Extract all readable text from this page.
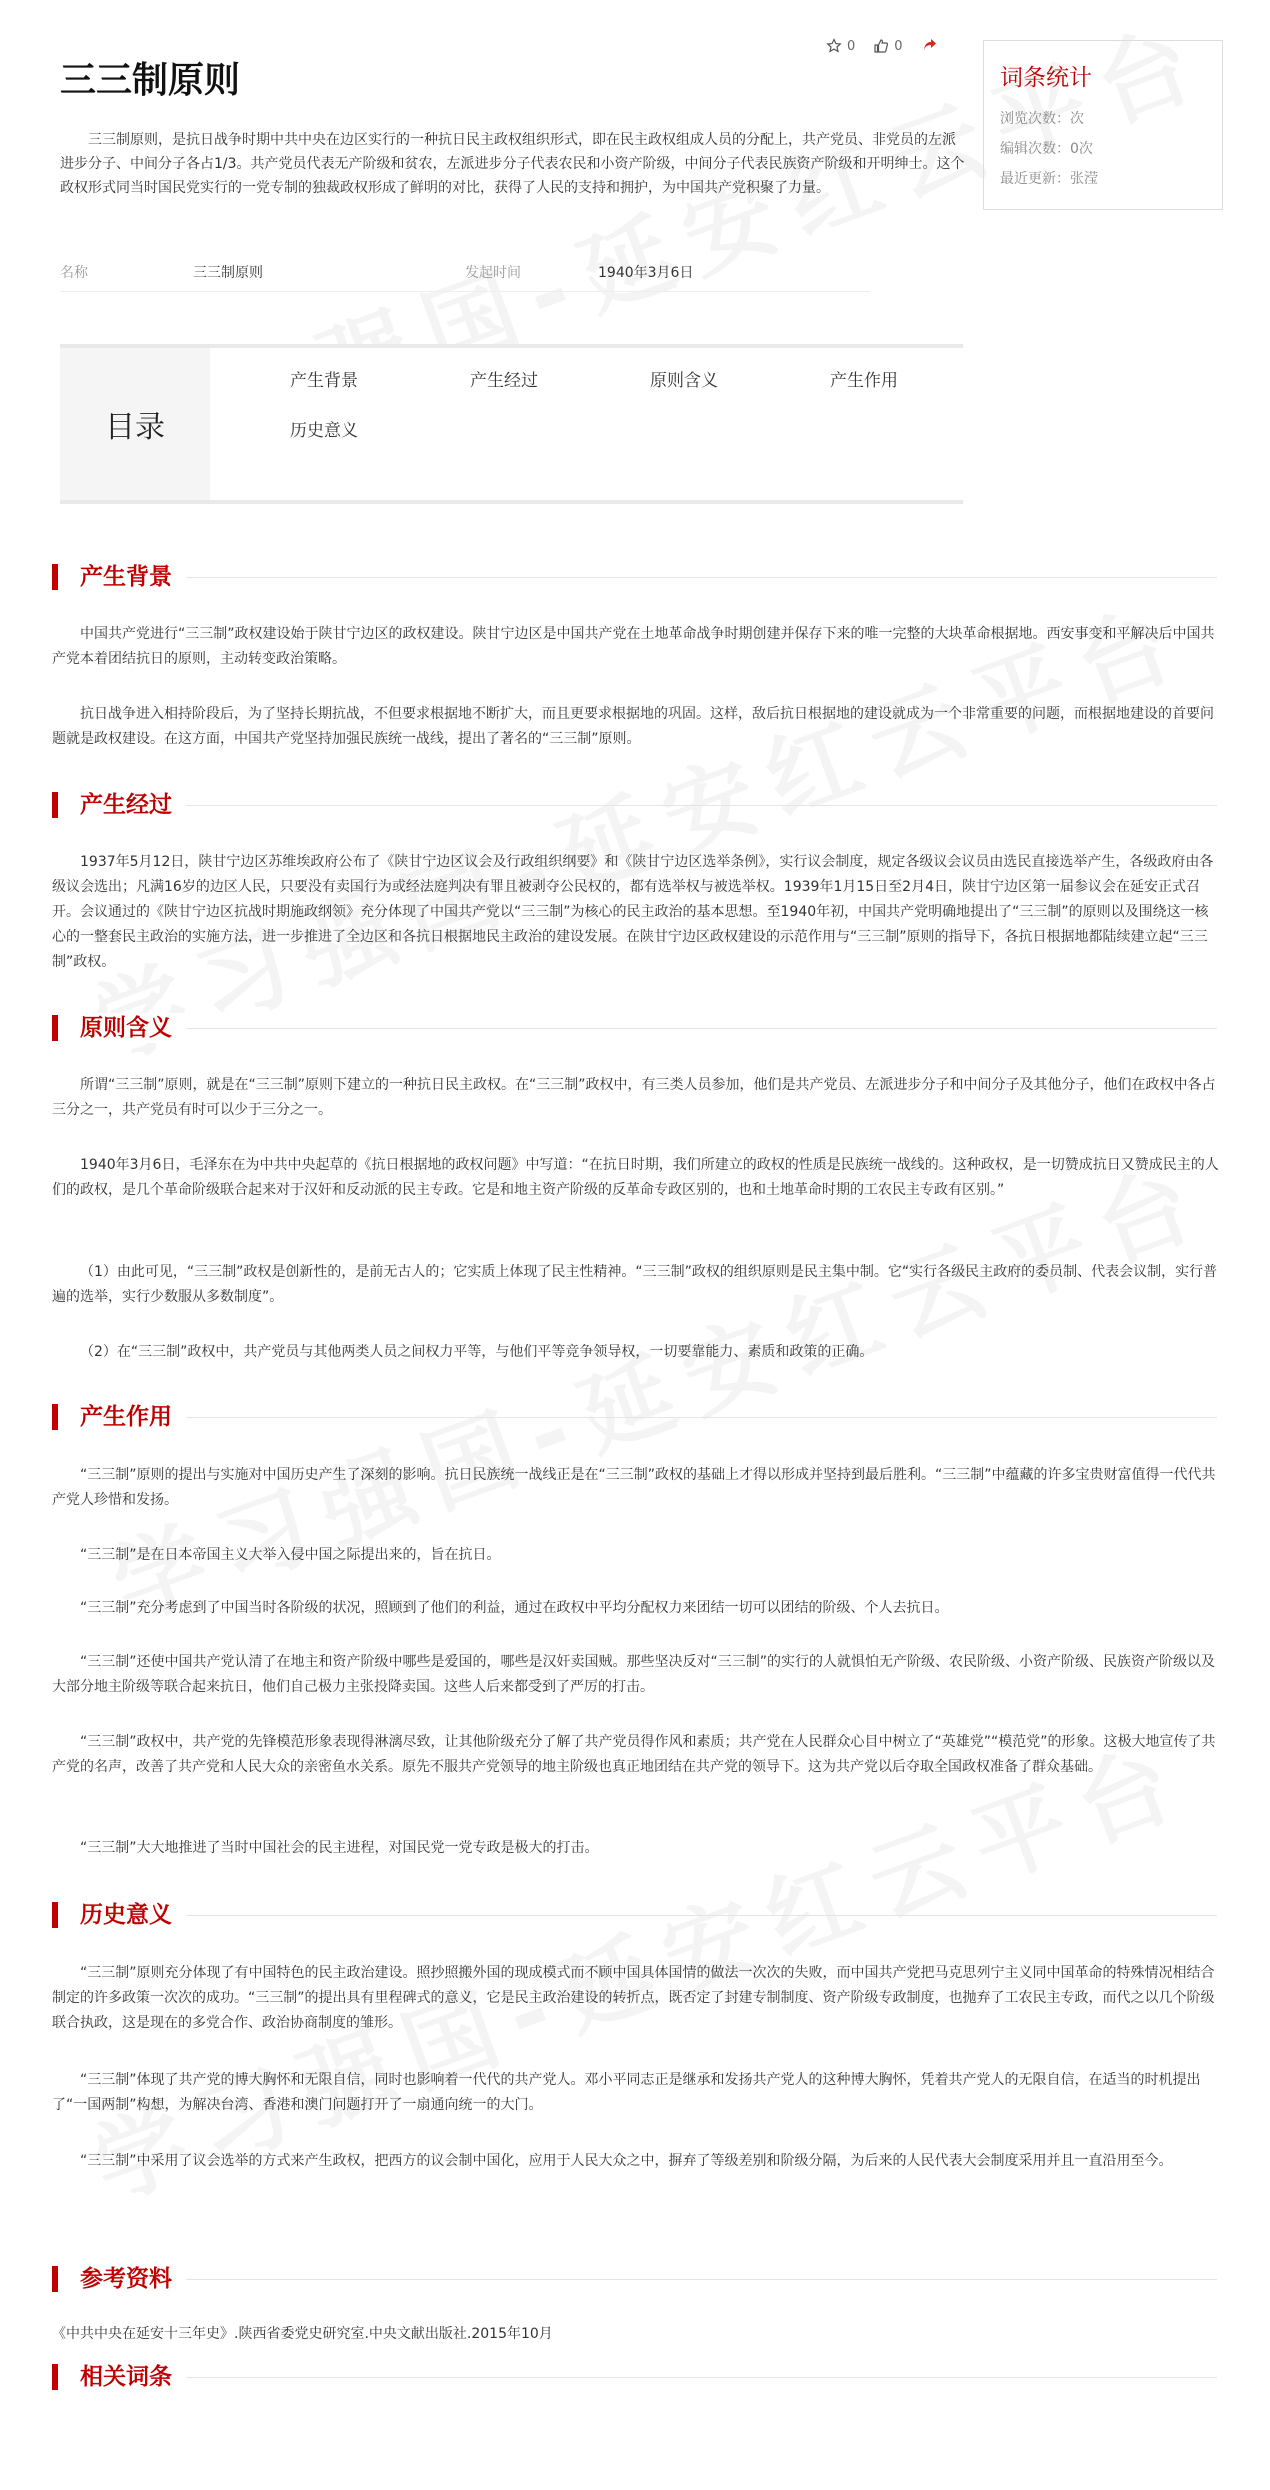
三三制原则
0	0
词条统计
浏览次数：次
编辑次数：0次
最近更新：张滢

三三制原则，是抗日战争时期中共中央在边区实行的一种抗日民主政权组织形式，即在民主政权组成人员的分配上，共产党员、非党员的左派进步分子、中间分子各占1/3。共产党员代表无产阶级和贫农，左派进步分子代表农民和小资产阶级，中间分子代表民族资产阶级和开明绅士。这个政权形式同当时国民党实行的一党专制的独裁政权形成了鲜明的对比，获得了人民的支持和拥护，为中国共产党积聚了力量。

名称	三三制原则	发起时间	1940年3月6日
目录
产生背景	产生经过	原则含义	产生作用
历史意义
产生背景

中国共产党进行“三三制”政权建设始于陕甘宁边区的政权建设。陕甘宁边区是中国共产党在土地革命战争时期创建并保存下来的唯一完整的大块革命根据地。西安事变和平解决后中国共产党本着团结抗日的原则，主动转变政治策略。

抗日战争进入相持阶段后，为了坚持长期抗战，不但要求根据地不断扩大，而且更要求根据地的巩固。这样，敌后抗日根据地的建设就成为一个非常重要的问题，而根据地建设的首要问题就是政权建设。在这方面，中国共产党坚持加强民族统一战线，提出了著名的“三三制”原则。

产生经过

1937年5月12日，陕甘宁边区苏维埃政府公布了《陕甘宁边区议会及行政组织纲要》和《陕甘宁边区选举条例》，实行议会制度，规定各级议会议员由选民直接选举产生，各级政府由各级议会选出；凡满16岁的边区人民，只要没有卖国行为或经法庭判决有罪且被剥夺公民权的，都有选举权与被选举权。1939年1月15日至2月4日，陕甘宁边区第一届参议会在延安正式召开。会议通过的《陕甘宁边区抗战时期施政纲领》充分体现了中国共产党以“三三制”为核心的民主政治的基本思想。至1940年初，中国共产党明确地提出了“三三制”的原则以及围绕这一核心的一整套民主政治的实施方法，进一步推进了全边区和各抗日根据地民主政治的建设发展。在陕甘宁边区政权建设的示范作用与“三三制”原则的指导下，各抗日根据地都陆续建立起“三三制”政权。

原则含义

所谓“三三制”原则，就是在“三三制”原则下建立的一种抗日民主政权。在“三三制”政权中，有三类人员参加，他们是共产党员、左派进步分子和中间分子及其他分子，他们在政权中各占三分之一，共产党员有时可以少于三分之一。

1940年3月6日，毛泽东在为中共中央起草的《抗日根据地的政权问题》中写道：“在抗日时期，我们所建立的政权的性质是民族统一战线的。这种政权，是一切赞成抗日又赞成民主的人们的政权，是几个革命阶级联合起来对于汉奸和反动派的民主专政。它是和地主资产阶级的反革命专政区别的，也和土地革命时期的工农民主专政有区别。”

（1）由此可见，“三三制”政权是创新性的，是前无古人的；它实质上体现了民主性精神。“三三制”政权的组织原则是民主集中制。它“实行各级民主政府的委员制、代表会议制，实行普遍的选举，实行少数服从多数制度”。

（2）在“三三制”政权中，共产党员与其他两类人员之间权力平等，与他们平等竞争领导权，一切要靠能力、素质和政策的正确。

产生作用

“三三制”原则的提出与实施对中国历史产生了深刻的影响。抗日民族统一战线正是在“三三制”政权的基础上才得以形成并坚持到最后胜利。“三三制”中蕴藏的许多宝贵财富值得一代代共产党人珍惜和发扬。

“三三制”是在日本帝国主义大举入侵中国之际提出来的，旨在抗日。

“三三制”充分考虑到了中国当时各阶级的状况，照顾到了他们的利益，通过在政权中平均分配权力来团结一切可以团结的阶级、个人去抗日。

“三三制”还使中国共产党认清了在地主和资产阶级中哪些是爱国的，哪些是汉奸卖国贼。那些坚决反对“三三制”的实行的人就惧怕无产阶级、农民阶级、小资产阶级、民族资产阶级以及大部分地主阶级等联合起来抗日，他们自己极力主张投降卖国。这些人后来都受到了严厉的打击。

“三三制”政权中，共产党的先锋模范形象表现得淋漓尽致，让其他阶级充分了解了共产党员得作风和素质；共产党在人民群众心目中树立了“英雄党”“模范党”的形象。这极大地宣传了共产党的名声，改善了共产党和人民大众的亲密鱼水关系。原先不服共产党领导的地主阶级也真正地团结在共产党的领导下。这为共产党以后夺取全国政权准备了群众基础。

“三三制”大大地推进了当时中国社会的民主进程，对国民党一党专政是极大的打击。

历史意义

“三三制”原则充分体现了有中国特色的民主政治建设。照抄照搬外国的现成模式而不顾中国具体国情的做法一次次的失败，而中国共产党把马克思列宁主义同中国革命的特殊情况相结合制定的许多政策一次次的成功。“三三制”的提出具有里程碑式的意义，它是民主政治建设的转折点，既否定了封建专制制度、资产阶级专政制度，也抛弃了工农民主专政，而代之以几个阶级联合执政，这是现在的多党合作、政治协商制度的雏形。

“三三制”体现了共产党的博大胸怀和无限自信，同时也影响着一代代的共产党人。邓小平同志正是继承和发扬共产党人的这种博大胸怀，凭着共产党人的无限自信，在适当的时机提出了“一国两制”构想，为解决台湾、香港和澳门问题打开了一扇通向统一的大门。

“三三制”中采用了议会选举的方式来产生政权，把西方的议会制中国化，应用于人民大众之中，摒弃了等级差别和阶级分隔，为后来的人民代表大会制度采用并且一直沿用至今。

参考资料

《中共中央在延安十三年史》.陕西省委党史研究室.中央文献出版社.2015年10月

相关词条
